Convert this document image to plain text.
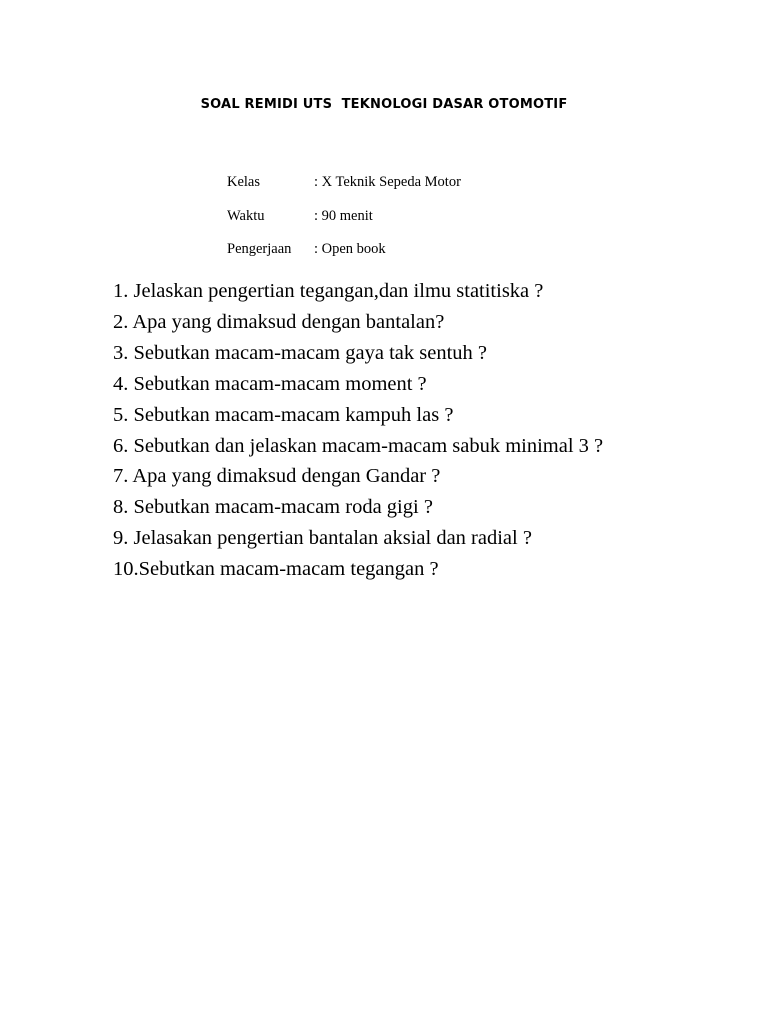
SOAL REMIDI UTS  TEKNOLOGI DASAR OTOMOTIF
Kelas	: X Teknik Sepeda Motor
Waktu	: 90 menit
Pengerjaan	: Open book
1. Jelaskan pengertian tegangan,dan ilmu statitiska ?
2. Apa yang dimaksud dengan bantalan?
3. Sebutkan macam-macam gaya tak sentuh ?
4. Sebutkan macam-macam moment ?
5. Sebutkan macam-macam kampuh las ?
6. Sebutkan dan jelaskan macam-macam sabuk minimal 3 ?
7. Apa yang dimaksud dengan Gandar ?
8. Sebutkan macam-macam roda gigi ?
9. Jelasakan pengertian bantalan aksial dan radial ?
10.Sebutkan macam-macam tegangan ?
